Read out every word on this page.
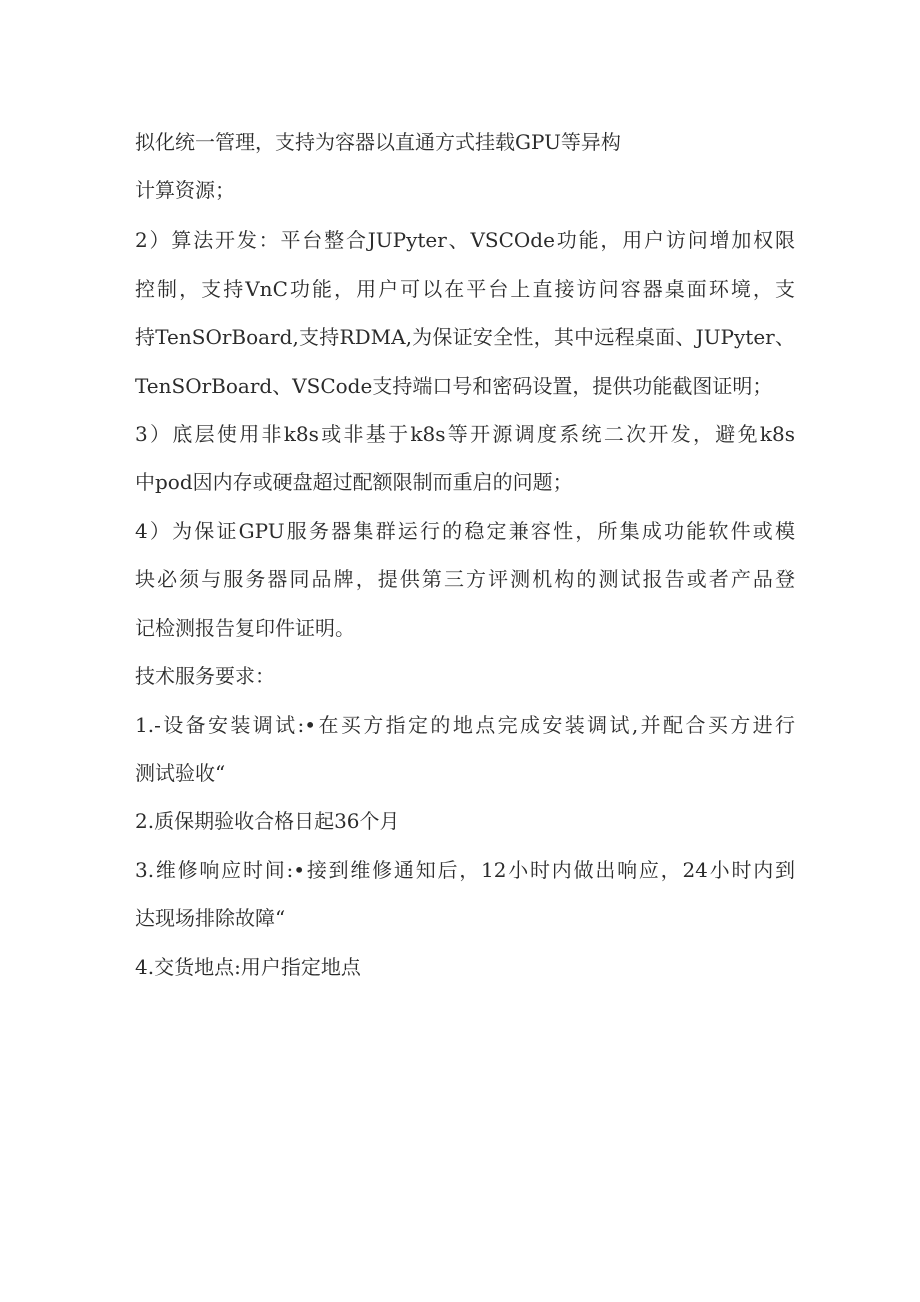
拟化统一管理，支持为容器以直通方式挂载GPU等异构
计算资源；
2）算法开发：平台整合JUPyter、VSCOde功能，用户访问增加权限
控制，支持VnC功能，用户可以在平台上直接访问容器桌面环境，支
持TenSOrBoard,支持RDMA,为保证安全性，其中远程桌面、JUPyter、
TenSOrBoard、VSCode支持端口号和密码设置，提供功能截图证明；
3）底层使用非k8s或非基于k8s等开源调度系统二次开发，避免k8s
中pod因内存或硬盘超过配额限制而重启的问题；
4）为保证GPU服务器集群运行的稳定兼容性，所集成功能软件或模
块必须与服务器同品牌，提供第三方评测机构的测试报告或者产品登
记检测报告复印件证明。
技术服务要求：
1.-设备安装调试:•在买方指定的地点完成安装调试,并配合买方进行
测试验收“
2.质保期验收合格日起36个月
3.维修响应时间:•接到维修通知后，12小时内做出响应，24小时内到
达现场排除故障“
4.交货地点:用户指定地点
